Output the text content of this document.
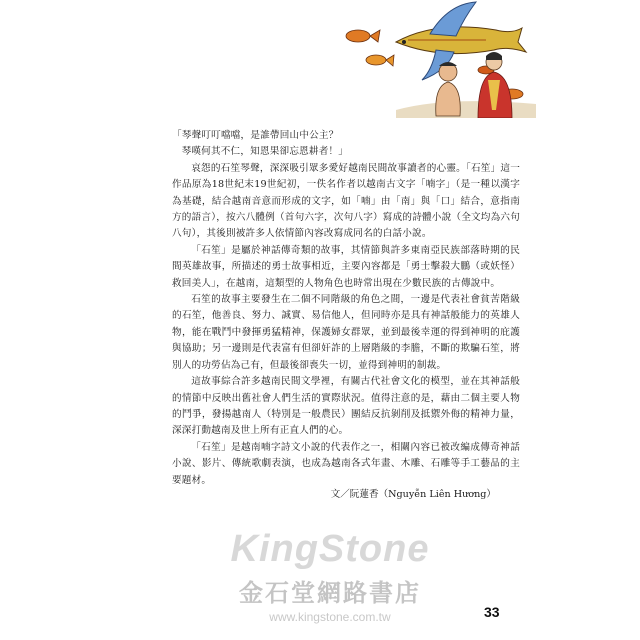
「琴聲叮叮噹噹，是誰帶回山中公主？

琴嘆何其不仁，知恩果卻忘恩耕者！」

哀怨的石笙琴聲，深深吸引眾多愛好越南民間故事讀者的心靈。「石笙」這一作品原為18世紀末19世紀初，一佚名作者以越南古文字「喃字」（是一種以漢字為基礎，結合越南音意而形成的文字，如「喃」由「南」與「口」結合，意指南方的語言），按六八體例（首句六字，次句八字）寫成的詩體小說（全文均為六句八句），其後則被許多人依情節內容改寫成同名的白話小說。

「石笙」是屬於神話傳奇類的故事，其情節與許多東南亞民族部落時期的民間英雄故事，所描述的勇士故事相近，主要內容都是「勇士擊殺大鵬（或妖怪）救回美人」，在越南，這類型的人物角色也時常出現在少數民族的古傳說中。

石笙的故事主要發生在二個不同階級的角色之間，一邊是代表社會貧苦階級的石笙，他善良、努力、誠實、易信他人，但同時亦是具有神話般能力的英雄人物，能在戰鬥中發揮勇猛精神，保護婦女群眾，並到最後幸運的得到神明的庇護與協助；另一邊則是代表富有但卻奸詐的上層階級的李膽，不斷的欺騙石笙，將別人的功勞佔為己有，但最後卻喪失一切，並得到神明的制裁。

這故事綜合許多越南民間文學裡，有關古代社會文化的模型，並在其神話般的情節中反映出舊社會人們生活的實際狀況。值得注意的是，藉由二個主要人物的鬥爭，發揚越南人（特別是一般農民）團結反抗剝削及抵禦外侮的精神力量，深深打動越南及世上所有正直人們的心。

「石笙」是越南喃字詩文小說的代表作之一，相關內容已被改編成傳奇神話小說、影片、傳統歌劇表演，也成為越南各式年畫、木雕、石雕等手工藝品的主要題材。

文／阮蓮香（Nguyễn Liên Hương）
KingStone
金石堂網路書店
www.kingstone.com.tw	33
